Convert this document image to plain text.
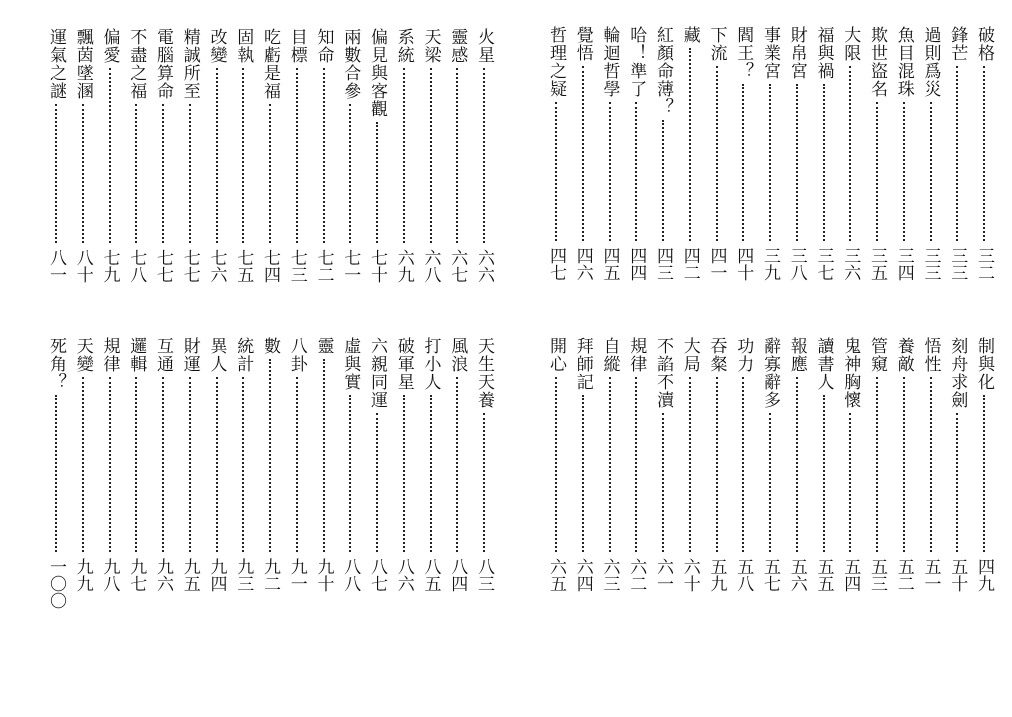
破格
三二
鋒芒
三三
過則爲災
三三
魚目混珠
三四
欺世盜名
三五
大限
三六
福與禍
三七
財帛宮
三八
事業宮
三九
閻王？
四十
下流
四一
藏
四二
紅顏命薄？
四三
哈！準了
四四
輪迴哲學
四五
覺悟
四六
哲理之疑
四七
火星
六六
靈感
六七
天梁
六八
系統
六九
偏見與客觀
七十
兩數合參
七一
知命
七二
目標
七三
吃虧是福
七四
固執
七五
改變
七六
精誠所至
七七
電腦算命
七七
不盡之福
七八
偏愛
七九
飄茵墜溷
八十
運氣之謎
八一
制與化
四九
刻舟求劍
五十
悟性
五一
養敵
五二
管窺
五三
鬼神胸懷
五四
讀書人
五五
報應
五六
辭寡辭多
五七
功力
五八
吞粲
五九
大局
六十
不諂不瀆
六一
規律
六二
自縱
六三
拜師記
六四
開心
六五
天生天養
八三
風浪
八四
打小人
八五
破軍星
八六
六親同運
八七
虛與實
八八
靈
九十
八卦
九一
數
九二
統計
九三
異人
九四
財運
九五
互通
九六
邏輯
九七
規律
九八
天變
九九
死角？
一〇〇
